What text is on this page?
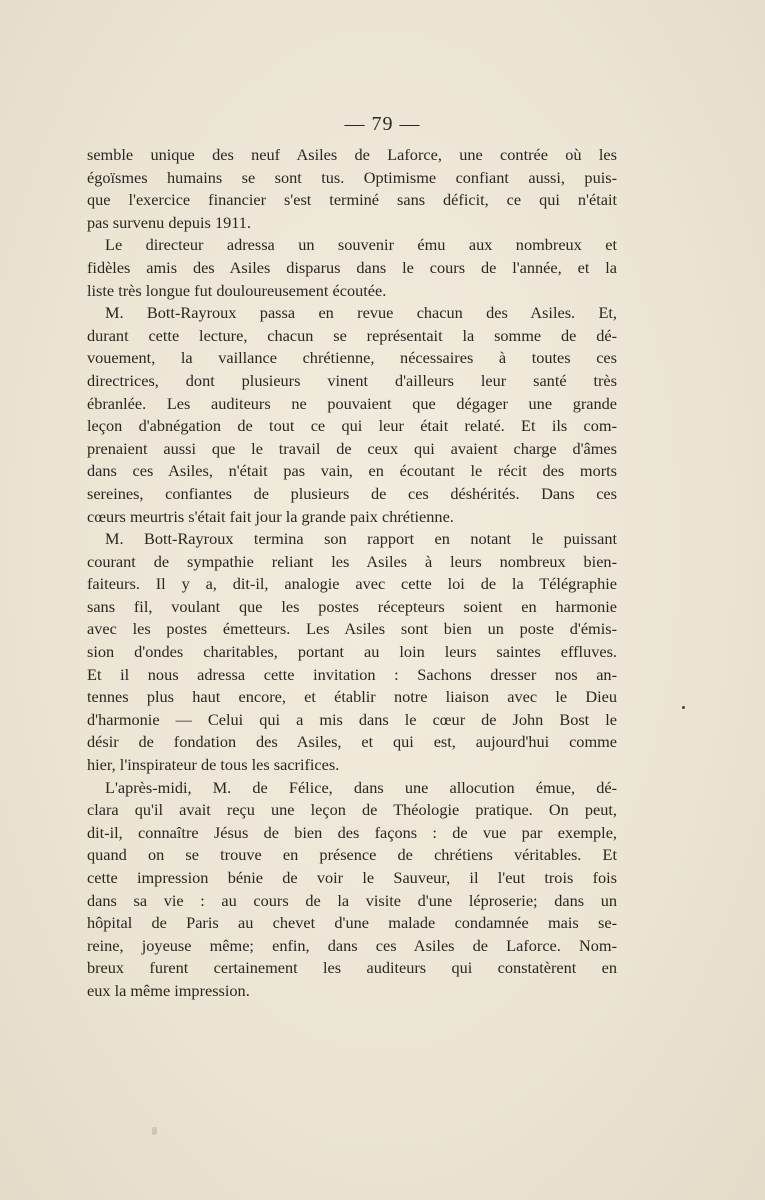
— 79 —
semble unique des neuf Asiles de Laforce, une contrée où les
égoïsmes humains se sont tus. Optimisme confiant aussi, puis-
que l'exercice financier s'est terminé sans déficit, ce qui n'était
pas survenu depuis 1911.
Le directeur adressa un souvenir ému aux nombreux et
fidèles amis des Asiles disparus dans le cours de l'année, et la
liste très longue fut douloureusement écoutée.
M. Bott-Rayroux passa en revue chacun des Asiles. Et,
durant cette lecture, chacun se représentait la somme de dé-
vouement, la vaillance chrétienne, nécessaires à toutes ces
directrices, dont plusieurs vinent d'ailleurs leur santé très
ébranlée. Les auditeurs ne pouvaient que dégager une grande
leçon d'abnégation de tout ce qui leur était relaté. Et ils com-
prenaient aussi que le travail de ceux qui avaient charge d'âmes
dans ces Asiles, n'était pas vain, en écoutant le récit des morts
sereines, confiantes de plusieurs de ces déshérités. Dans ces
cœurs meurtris s'était fait jour la grande paix chrétienne.
M. Bott-Rayroux termina son rapport en notant le puissant
courant de sympathie reliant les Asiles à leurs nombreux bien-
faiteurs. Il y a, dit-il, analogie avec cette loi de la Télégraphie
sans fil, voulant que les postes récepteurs soient en harmonie
avec les postes émetteurs. Les Asiles sont bien un poste d'émis-
sion d'ondes charitables, portant au loin leurs saintes effluves.
Et il nous adressa cette invitation : Sachons dresser nos an-
tennes plus haut encore, et établir notre liaison avec le Dieu
d'harmonie — Celui qui a mis dans le cœur de John Bost le
désir de fondation des Asiles, et qui est, aujourd'hui comme
hier, l'inspirateur de tous les sacrifices.
L'après-midi, M. de Félice, dans une allocution émue, dé-
clara qu'il avait reçu une leçon de Théologie pratique. On peut,
dit-il, connaître Jésus de bien des façons : de vue par exemple,
quand on se trouve en présence de chrétiens véritables. Et
cette impression bénie de voir le Sauveur, il l'eut trois fois
dans sa vie : au cours de la visite d'une léproserie; dans un
hôpital de Paris au chevet d'une malade condamnée mais se-
reine, joyeuse même; enfin, dans ces Asiles de Laforce. Nom-
breux furent certainement les auditeurs qui constatèrent en
eux la même impression.
